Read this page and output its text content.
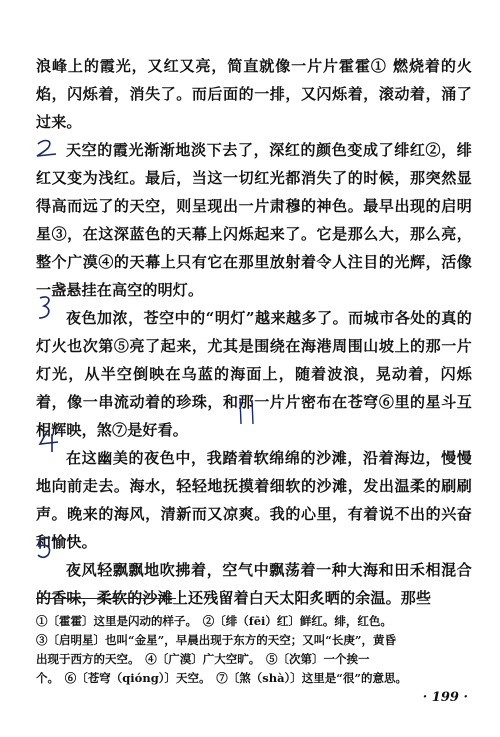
浪峰上的霞光，又红又亮，简直就像一片片霍霍① 燃烧着的火焰，闪烁着，消失了。而后面的一排，又闪烁着，滚动着，涌了过来。

天空的霞光渐渐地淡下去了，深红的颜色变成了绯红②，绯红又变为浅红。最后，当这一切红光都消失了的时候，那突然显得高而远了的天空，则呈现出一片肃穆的神色。最早出现的启明星③，在这深蓝色的天幕上闪烁起来了。它是那么大，那么亮，整个广漠④的天幕上只有它在那里放射着令人注目的光辉，活像一盏悬挂在高空的明灯。

夜色加浓，苍空中的“明灯”越来越多了。而城市各处的真的灯火也次第⑤亮了起来，尤其是围绕在海港周围山坡上的那一片灯光，从半空倒映在乌蓝的海面上，随着波浪，晃动着，闪烁着，像一串流动着的珍珠，和那一片片密布在苍穹⑥里的星斗互相辉映，煞⑦是好看。

在这幽美的夜色中，我踏着软绵绵的沙滩，沿着海边，慢慢地向前走去。海水，轻轻地抚摸着细软的沙滩，发出温柔的刷刷声。晚来的海风，清新而又凉爽。我的心里，有着说不出的兴奋和愉快。

夜风轻飘飘地吹拂着，空气中飘荡着一种大海和田禾相混合的香味，柔软的沙滩上还残留着白天太阳炙晒的余温。那些

①〔霍霍〕这里是闪动的样子。　②〔绯（fēi）红〕鲜红。绯，红色。

③〔启明星〕也叫“金星”，早晨出现于东方的天空；又叫“长庚”，黄昏

出现于西方的天空。　④〔广漠〕广大空旷。　⑤〔次第〕一个挨一

个。　⑥〔苍穹（qióng）〕天空。　⑦〔煞（shà）〕这里是“很”的意思。

· 199 ·
